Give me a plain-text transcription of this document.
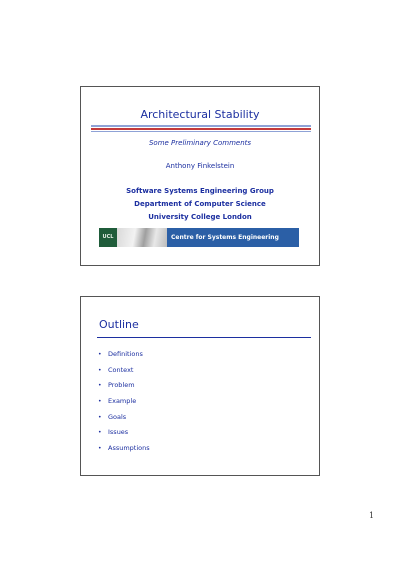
Architectural Stability
Some Preliminary Comments
Anthony Finkelstein
Software Systems Engineering Group
Department of Computer Science
University College London
UCL	Centre for Systems Engineering
Outline
• Definitions
• Context
• Problem
• Example
• Goals
• Issues
• Assumptions
1
